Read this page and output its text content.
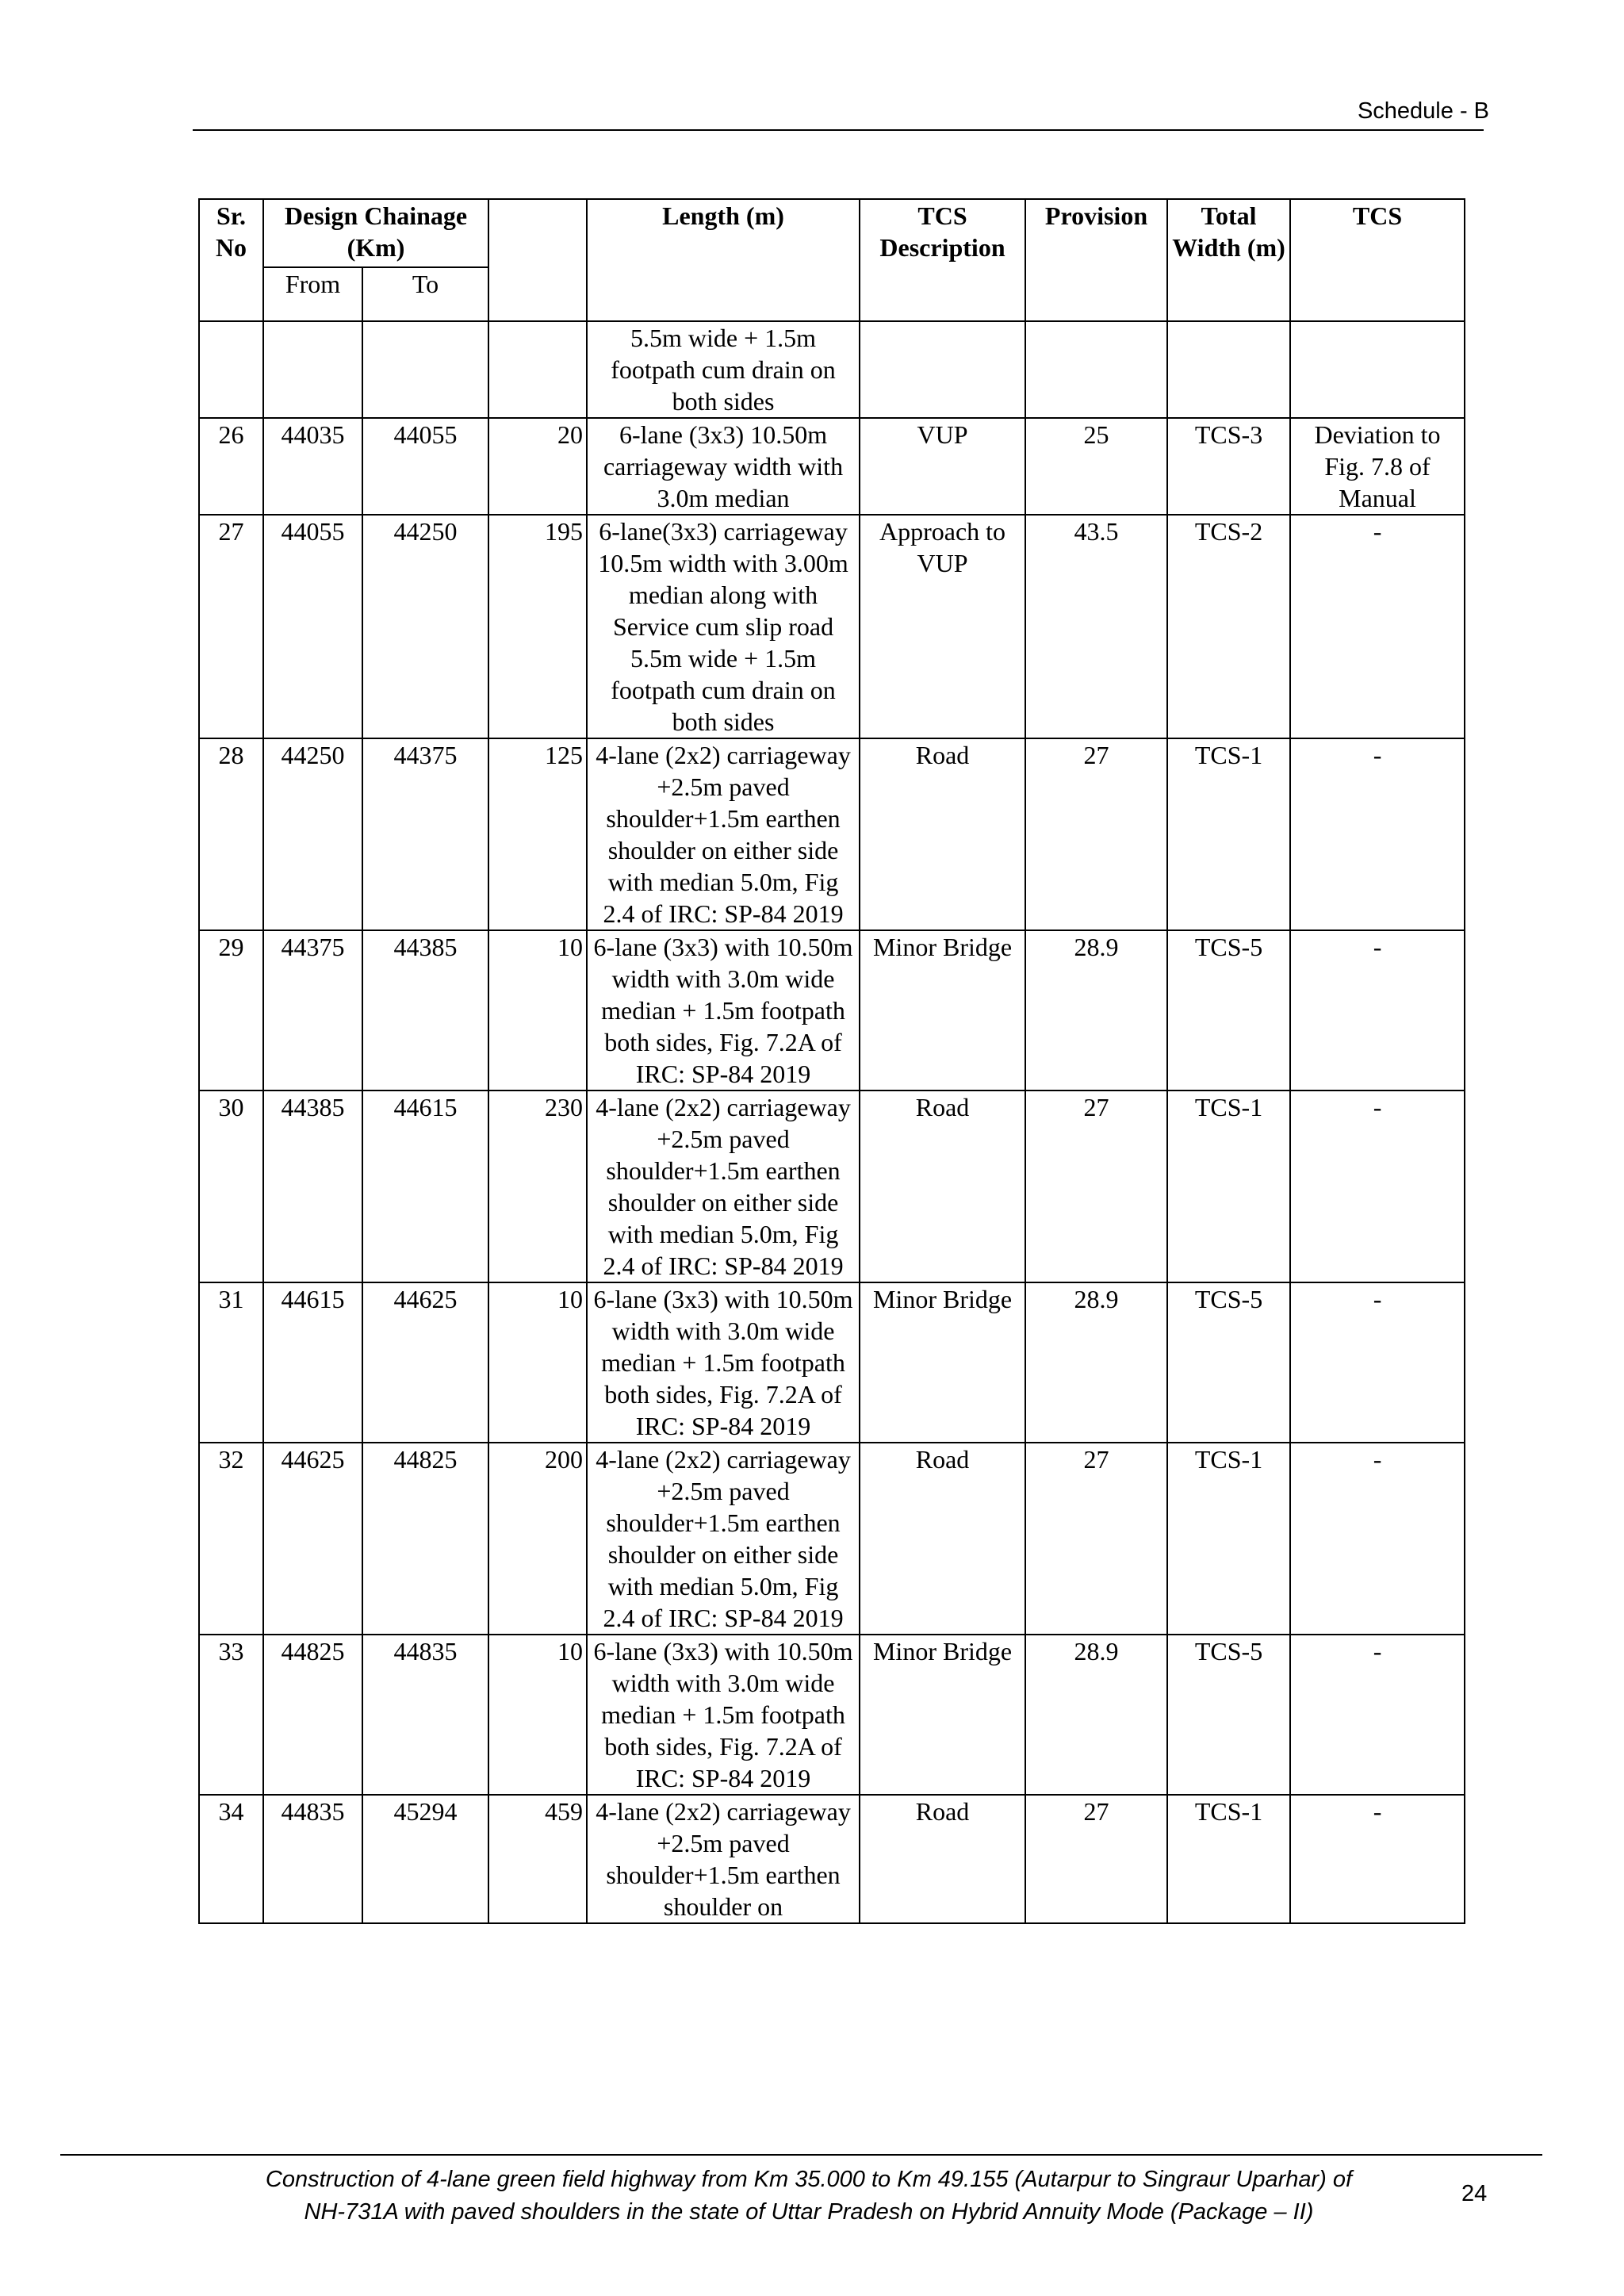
Schedule - B
Sr. No	Design Chainage (Km)			Length (m)	TCS Description	Provision	Total Width (m)	TCS
	From	To						
				5.5m wide + 1.5m footpath cum drain on both sides				
26	44035	44055	20	6-lane (3x3) 10.50m carriageway width with 3.0m median	VUP	25	TCS-3	Deviation to Fig. 7.8 of Manual
27	44055	44250	195	6-lane(3x3) carriageway 10.5m width with 3.00m median along with Service cum slip road 5.5m wide + 1.5m footpath cum drain on both sides	Approach to VUP	43.5	TCS-2	-
28	44250	44375	125	4-lane (2x2) carriageway +2.5m paved shoulder+1.5m earthen shoulder on either side with median 5.0m, Fig 2.4 of IRC: SP-84 2019	Road	27	TCS-1	-
29	44375	44385	10	6-lane (3x3) with 10.50m width with 3.0m wide median + 1.5m footpath both sides, Fig. 7.2A of IRC: SP-84 2019	Minor Bridge	28.9	TCS-5	-
30	44385	44615	230	4-lane (2x2) carriageway +2.5m paved shoulder+1.5m earthen shoulder on either side with median 5.0m, Fig 2.4 of IRC: SP-84 2019	Road	27	TCS-1	-
31	44615	44625	10	6-lane (3x3) with 10.50m width with 3.0m wide median + 1.5m footpath both sides, Fig. 7.2A of IRC: SP-84 2019	Minor Bridge	28.9	TCS-5	-
32	44625	44825	200	4-lane (2x2) carriageway +2.5m paved shoulder+1.5m earthen shoulder on either side with median 5.0m, Fig 2.4 of IRC: SP-84 2019	Road	27	TCS-1	-
33	44825	44835	10	6-lane (3x3) with 10.50m width with 3.0m wide median + 1.5m footpath both sides, Fig. 7.2A of IRC: SP-84 2019	Minor Bridge	28.9	TCS-5	-
34	44835	45294	459	4-lane (2x2) carriageway +2.5m paved shoulder+1.5m earthen shoulder on	Road	27	TCS-1	-
Construction of 4-lane green field highway from Km 35.000 to Km 49.155 (Autarpur to Singraur Uparhar) of
NH-731A with paved shoulders in the state of Uttar Pradesh on Hybrid Annuity Mode (Package – II)
24
